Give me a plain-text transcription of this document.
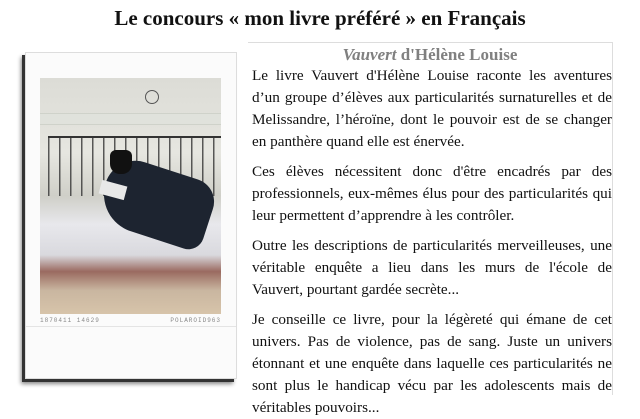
Le concours « mon livre préféré » en Français
1870411 14629	POLAROID963
Vauvert d'Hélène Louise

Le livre Vauvert d'Hélène Louise raconte les aventures d’un groupe d’élèves aux particularités surnaturelles et de Melissandre, l’héroïne, dont le pouvoir est de se changer en panthère quand elle est énervée.

Ces élèves nécessitent donc d'être encadrés par des professionnels, eux-mêmes élus pour des particularités qui leur permettent d’apprendre à les contrôler.

Outre les descriptions de particularités merveilleuses, une véritable enquête a lieu dans les murs de l'école de Vauvert, pourtant gardée secrète...

Je conseille ce livre, pour la légèreté qui émane de cet univers. Pas de violence, pas de sang. Juste un univers étonnant et une enquête dans laquelle ces particularités ne sont plus le handicap vécu par les adolescents mais de véritables pouvoirs...
